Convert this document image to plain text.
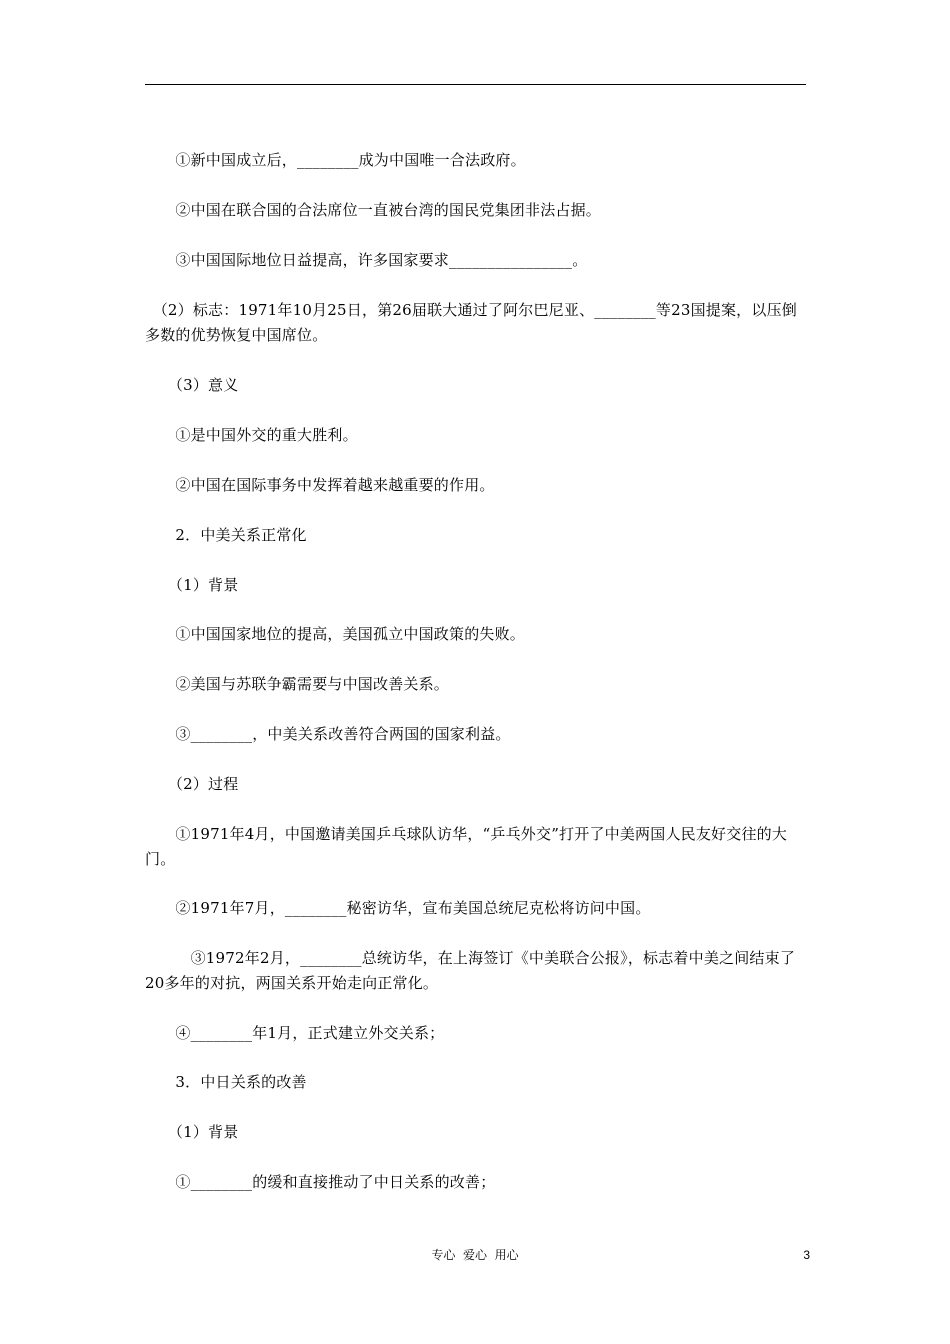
　　①新中国成立后，________成为中国唯一合法政府。
　　②中国在联合国的合法席位一直被台湾的国民党集团非法占据。
　　③中国国际地位日益提高，许多国家要求________________。
　（2）标志：1971年10月25日，第26届联大通过了阿尔巴尼亚、________等23国提案，以压倒多数的优势恢复中国席位。
　　（3）意义
　　①是中国外交的重大胜利。
　　②中国在国际事务中发挥着越来越重要的作用。
　　2．中美关系正常化
　　（1）背景
　　①中国国家地位的提高，美国孤立中国政策的失败。
　　②美国与苏联争霸需要与中国改善关系。
　　③________，中美关系改善符合两国的国家利益。
　　（2）过程
　　①1971年4月，中国邀请美国乒乓球队访华，“乒乓外交”打开了中美两国人民友好交往的大门。
　　②1971年7月，________秘密访华，宣布美国总统尼克松将访问中国。
　　　③1972年2月，________总统访华，在上海签订《中美联合公报》，标志着中美之间结束了20多年的对抗，两国关系开始走向正常化。
　　④________年1月，正式建立外交关系；
　　3．中日关系的改善
　　（1）背景
　　①________的缓和直接推动了中日关系的改善；
专心  爱心  用心	3
